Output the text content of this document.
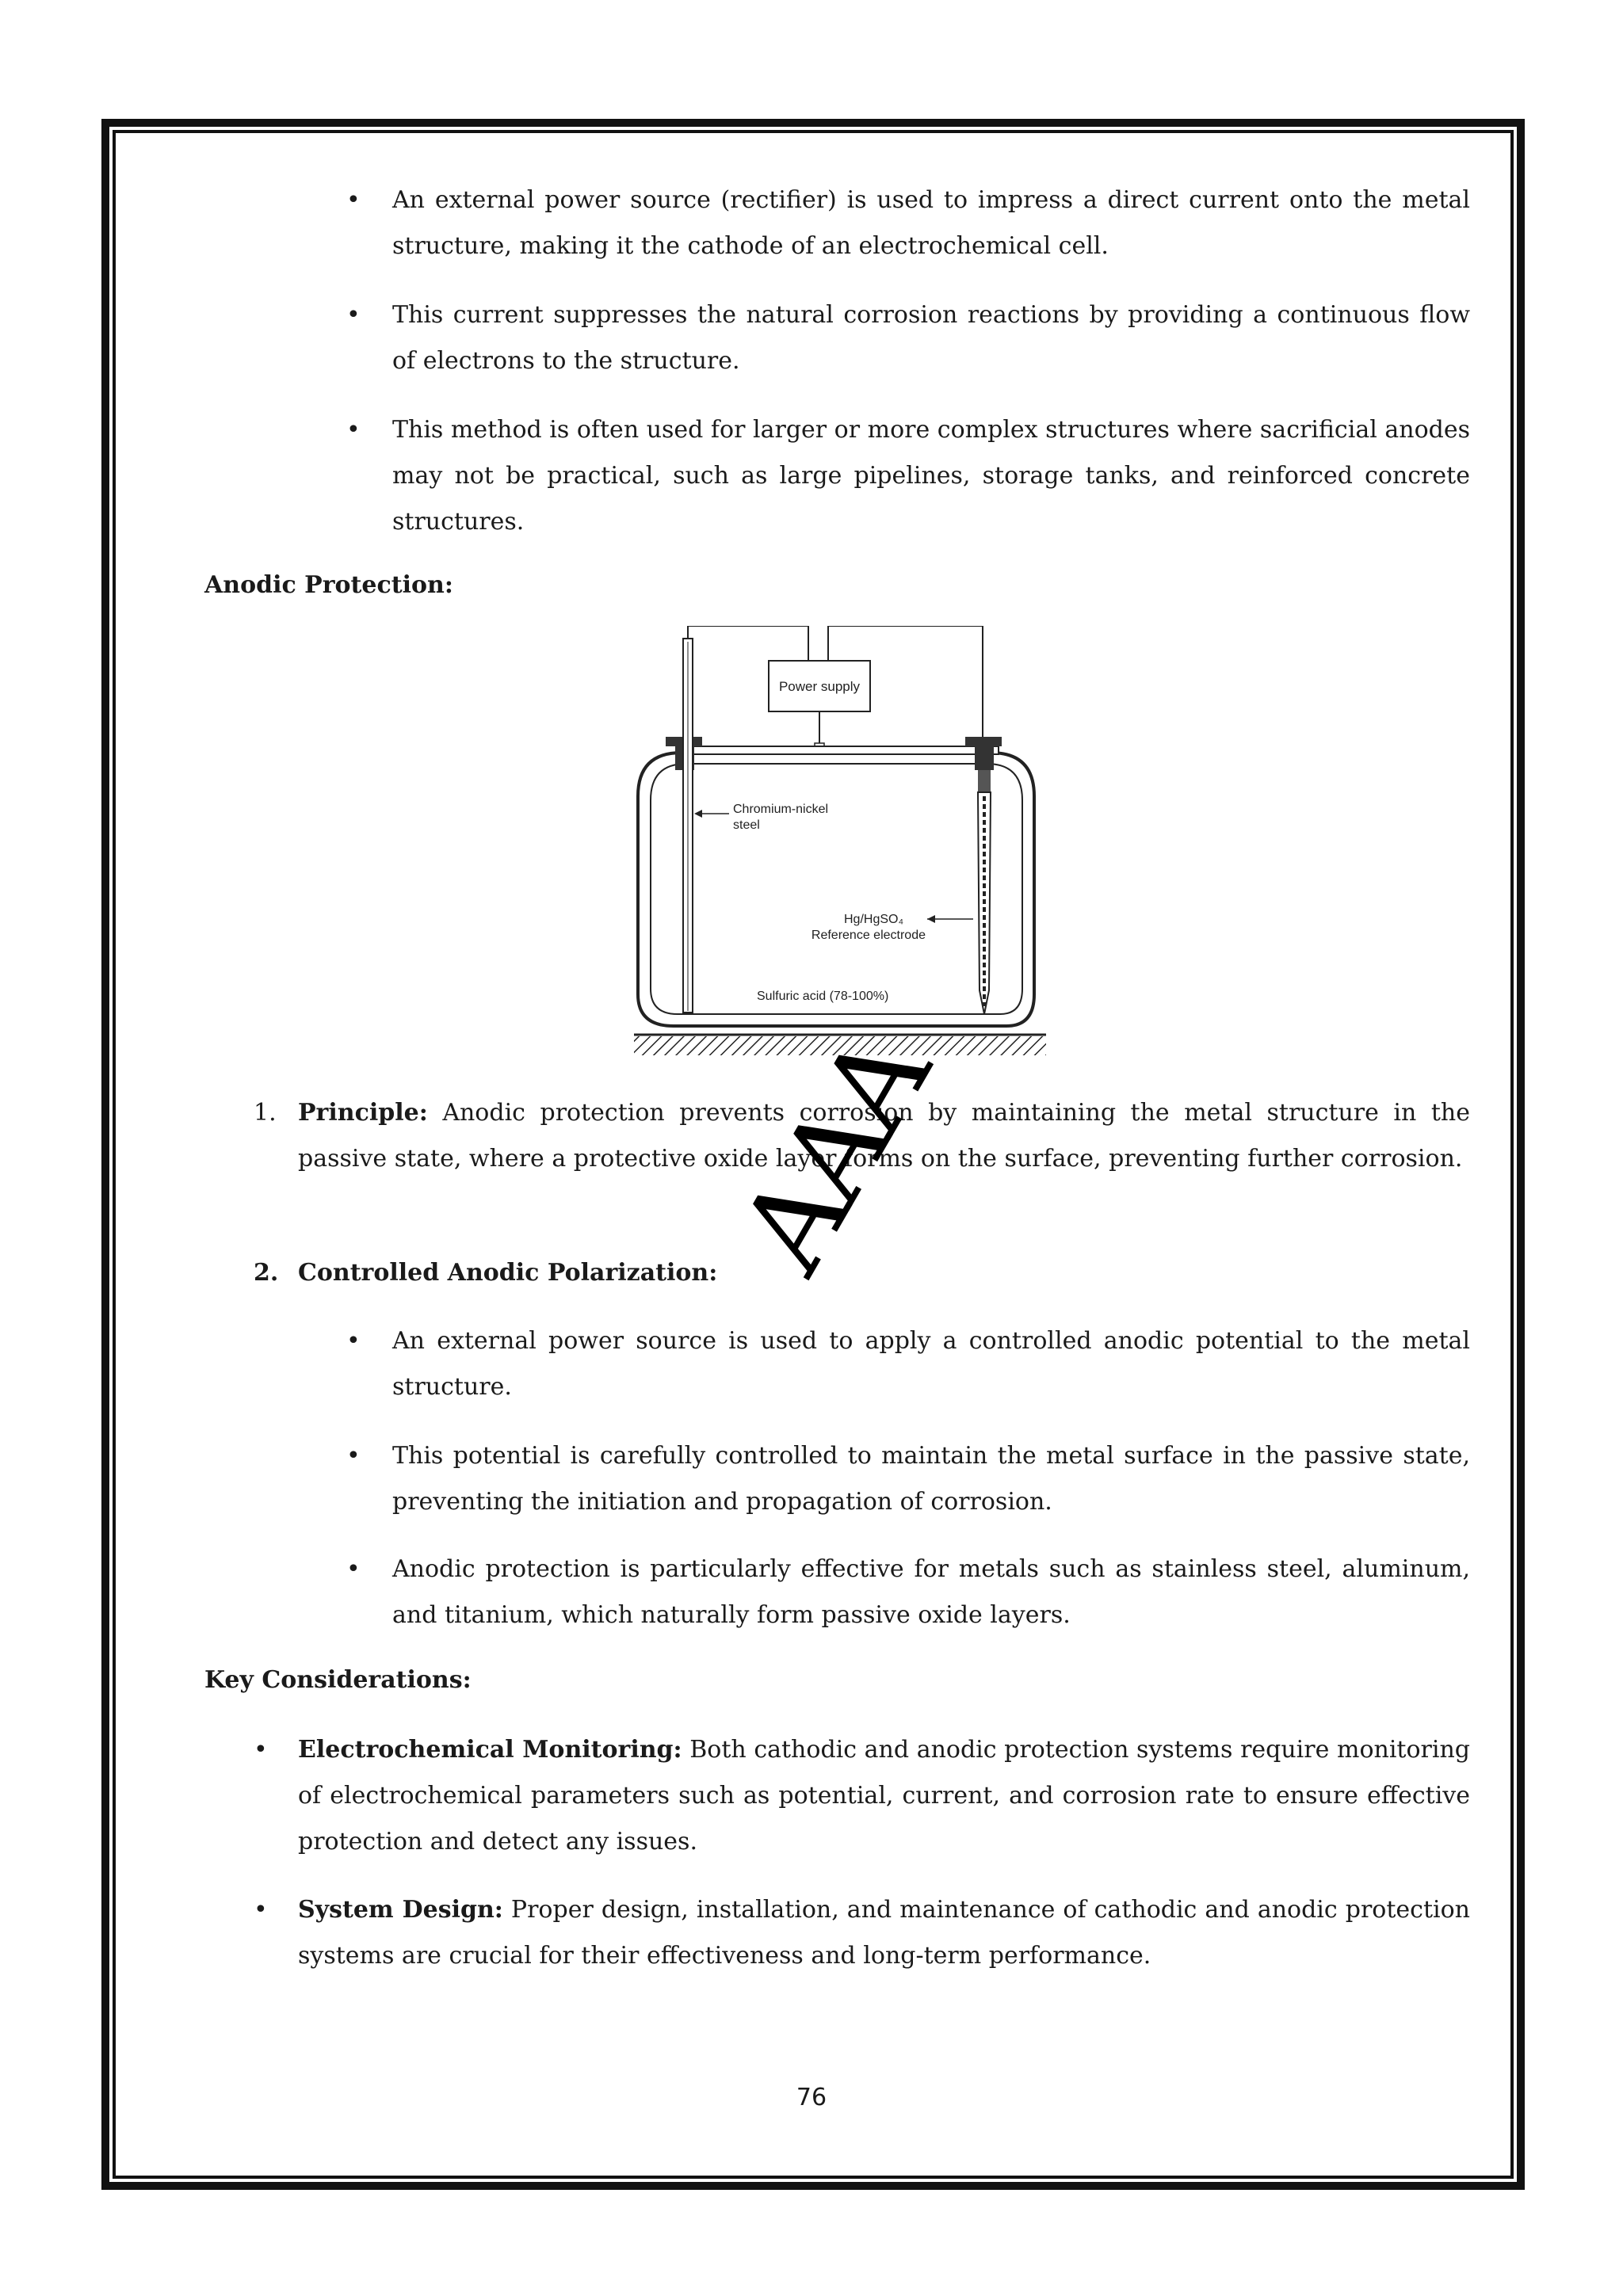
• An external power source (rectifier) is used to impress a direct current onto the metal structure, making it the cathode of an electrochemical cell.

• This current suppresses the natural corrosion reactions by providing a continuous flow of electrons to the structure.

• This method is often used for larger or more complex structures where sacrificial anodes may not be practical, such as large pipelines, storage tanks, and reinforced concrete structures.

Anodic Protection:

Power supply
Chromium-nickel
steel
Hg/HgSO₄
Reference electrode
Sulfuric acid (78-100%)
1. Principle: Anodic protection prevents corrosion by maintaining the metal structure in the passive state, where a protective oxide layer forms on the surface, preventing further corrosion.

2. Controlled Anodic Polarization:

• An external power source is used to apply a controlled anodic potential to the metal structure.

• This potential is carefully controlled to maintain the metal surface in the passive state, preventing the initiation and propagation of corrosion.

• Anodic protection is particularly effective for metals such as stainless steel, aluminum, and titanium, which naturally form passive oxide layers.

Key Considerations:

• Electrochemical Monitoring: Both cathodic and anodic protection systems require monitoring of electrochemical parameters such as potential, current, and corrosion rate to ensure effective protection and detect any issues.

• System Design: Proper design, installation, and maintenance of cathodic and anodic protection systems are crucial for their effectiveness and long-term performance.

AAA
76
